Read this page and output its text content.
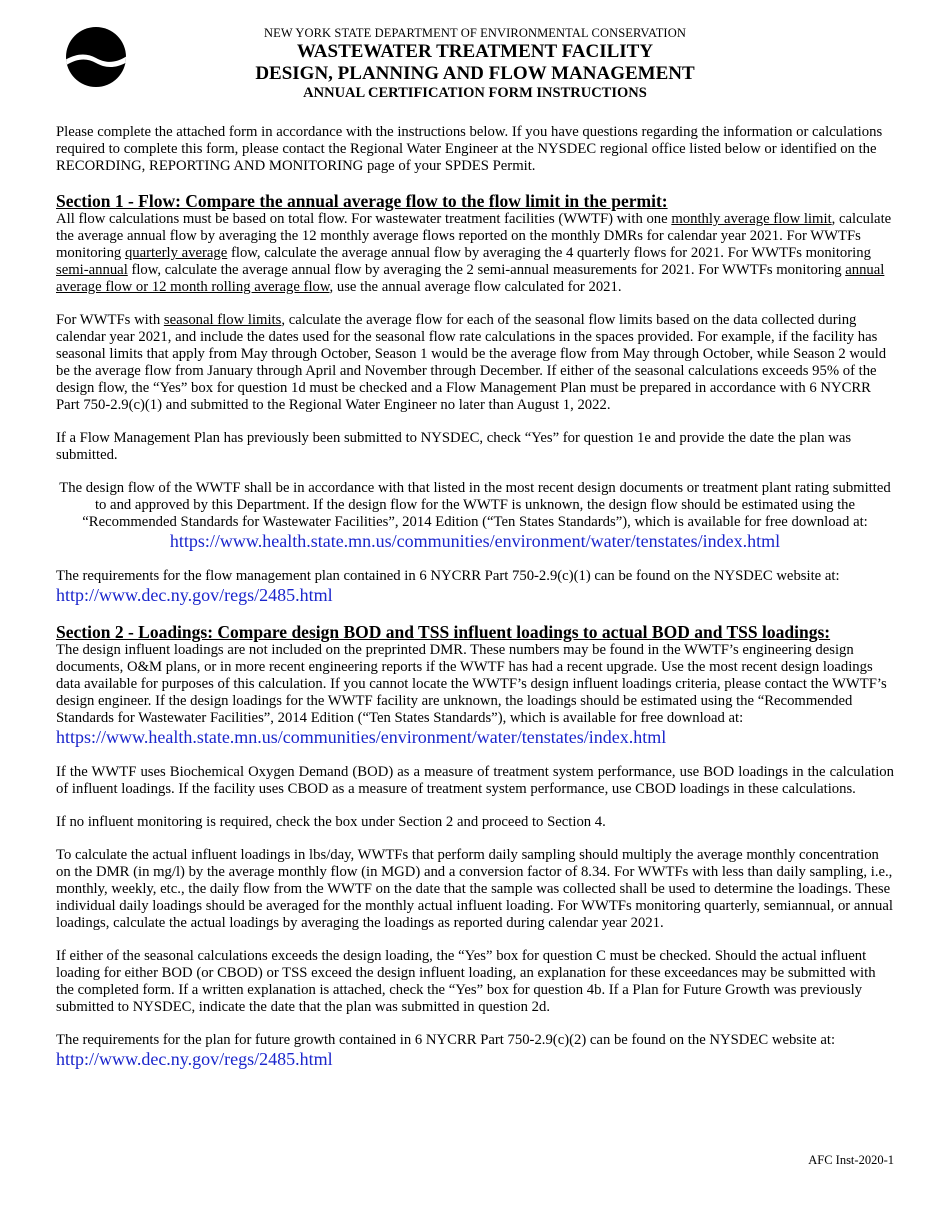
NEW YORK STATE DEPARTMENT OF ENVIRONMENTAL CONSERVATION
WASTEWATER TREATMENT FACILITY
DESIGN, PLANNING AND FLOW MANAGEMENT
ANNUAL CERTIFICATION FORM INSTRUCTIONS

Please complete the attached form in accordance with the instructions below. If you have questions regarding the information or calculations required to complete this form, please contact the Regional Water Engineer at the NYSDEC regional office listed below or identified on the RECORDING, REPORTING AND MONITORING page of your SPDES Permit.

Section 1 - Flow: Compare the annual average flow to the flow limit in the permit:

All flow calculations must be based on total flow. For wastewater treatment facilities (WWTF) with one monthly average flow limit, calculate the average annual flow by averaging the 12 monthly average flows reported on the monthly DMRs for calendar year 2021. For WWTFs monitoring quarterly average flow, calculate the average annual flow by averaging the 4 quarterly flows for 2021. For WWTFs monitoring semi-annual flow, calculate the average annual flow by averaging the 2 semi-annual measurements for 2021. For WWTFs monitoring annual average flow or 12 month rolling average flow, use the annual average flow calculated for 2021.

For WWTFs with seasonal flow limits, calculate the average flow for each of the seasonal flow limits based on the data collected during calendar year 2021, and include the dates used for the seasonal flow rate calculations in the spaces provided. For example, if the facility has seasonal limits that apply from May through October, Season 1 would be the average flow from May through October, while Season 2 would be the average flow from January through April and November through December. If either of the seasonal calculations exceeds 95% of the design flow, the “Yes” box for question 1d must be checked and a Flow Management Plan must be prepared in accordance with 6 NYCRR Part 750-2.9(c)(1) and submitted to the Regional Water Engineer no later than August 1, 2022.

If a Flow Management Plan has previously been submitted to NYSDEC, check “Yes” for question 1e and provide the date the plan was submitted.

The design flow of the WWTF shall be in accordance with that listed in the most recent design documents or treatment plant rating submitted to and approved by this Department. If the design flow for the WWTF is unknown, the design flow should be estimated using the “Recommended Standards for Wastewater Facilities”, 2014 Edition (“Ten States Standards”), which is available for free download at: https://www.health.state.mn.us/communities/environment/water/tenstates/index.html

The requirements for the flow management plan contained in 6 NYCRR Part 750-2.9(c)(1) can be found on the NYSDEC website at:
http://www.dec.ny.gov/regs/2485.html

Section 2 - Loadings: Compare design BOD and TSS influent loadings to actual BOD and TSS loadings:

The design influent loadings are not included on the preprinted DMR. These numbers may be found in the WWTF’s engineering design documents, O&M plans, or in more recent engineering reports if the WWTF has had a recent upgrade. Use the most recent design loadings data available for purposes of this calculation. If you cannot locate the WWTF’s design influent loadings criteria, please contact the WWTF’s design engineer. If the design loadings for the WWTF facility are unknown, the loadings should be estimated using the “Recommended Standards for Wastewater Facilities”, 2014 Edition (“Ten States Standards”), which is available for free download at: https://www.health.state.mn.us/communities/environment/water/tenstates/index.html

If the WWTF uses Biochemical Oxygen Demand (BOD) as a measure of treatment system performance, use BOD loadings in the calculation of influent loadings. If the facility uses CBOD as a measure of treatment system performance, use CBOD loadings in these calculations.

If no influent monitoring is required, check the box under Section 2 and proceed to Section 4.

To calculate the actual influent loadings in lbs/day, WWTFs that perform daily sampling should multiply the average monthly concentration on the DMR (in mg/l) by the average monthly flow (in MGD) and a conversion factor of 8.34. For WWTFs with less than daily sampling, i.e., monthly, weekly, etc., the daily flow from the WWTF on the date that the sample was collected shall be used to determine the loadings. These individual daily loadings should be averaged for the monthly actual influent loading. For WWTFs monitoring quarterly, semiannual, or annual loadings, calculate the actual loadings by averaging the loadings as reported during calendar year 2021.

If either of the seasonal calculations exceeds the design loading, the “Yes” box for question C must be checked. Should the actual influent loading for either BOD (or CBOD) or TSS exceed the design influent loading, an explanation for these exceedances may be submitted with the completed form. If a written explanation is attached, check the “Yes” box for question 4b. If a Plan for Future Growth was previously submitted to NYSDEC, indicate the date that the plan was submitted in question 2d.

The requirements for the plan for future growth contained in 6 NYCRR Part 750-2.9(c)(2) can be found on the NYSDEC website at:
http://www.dec.ny.gov/regs/2485.html

AFC Inst-2020-1
